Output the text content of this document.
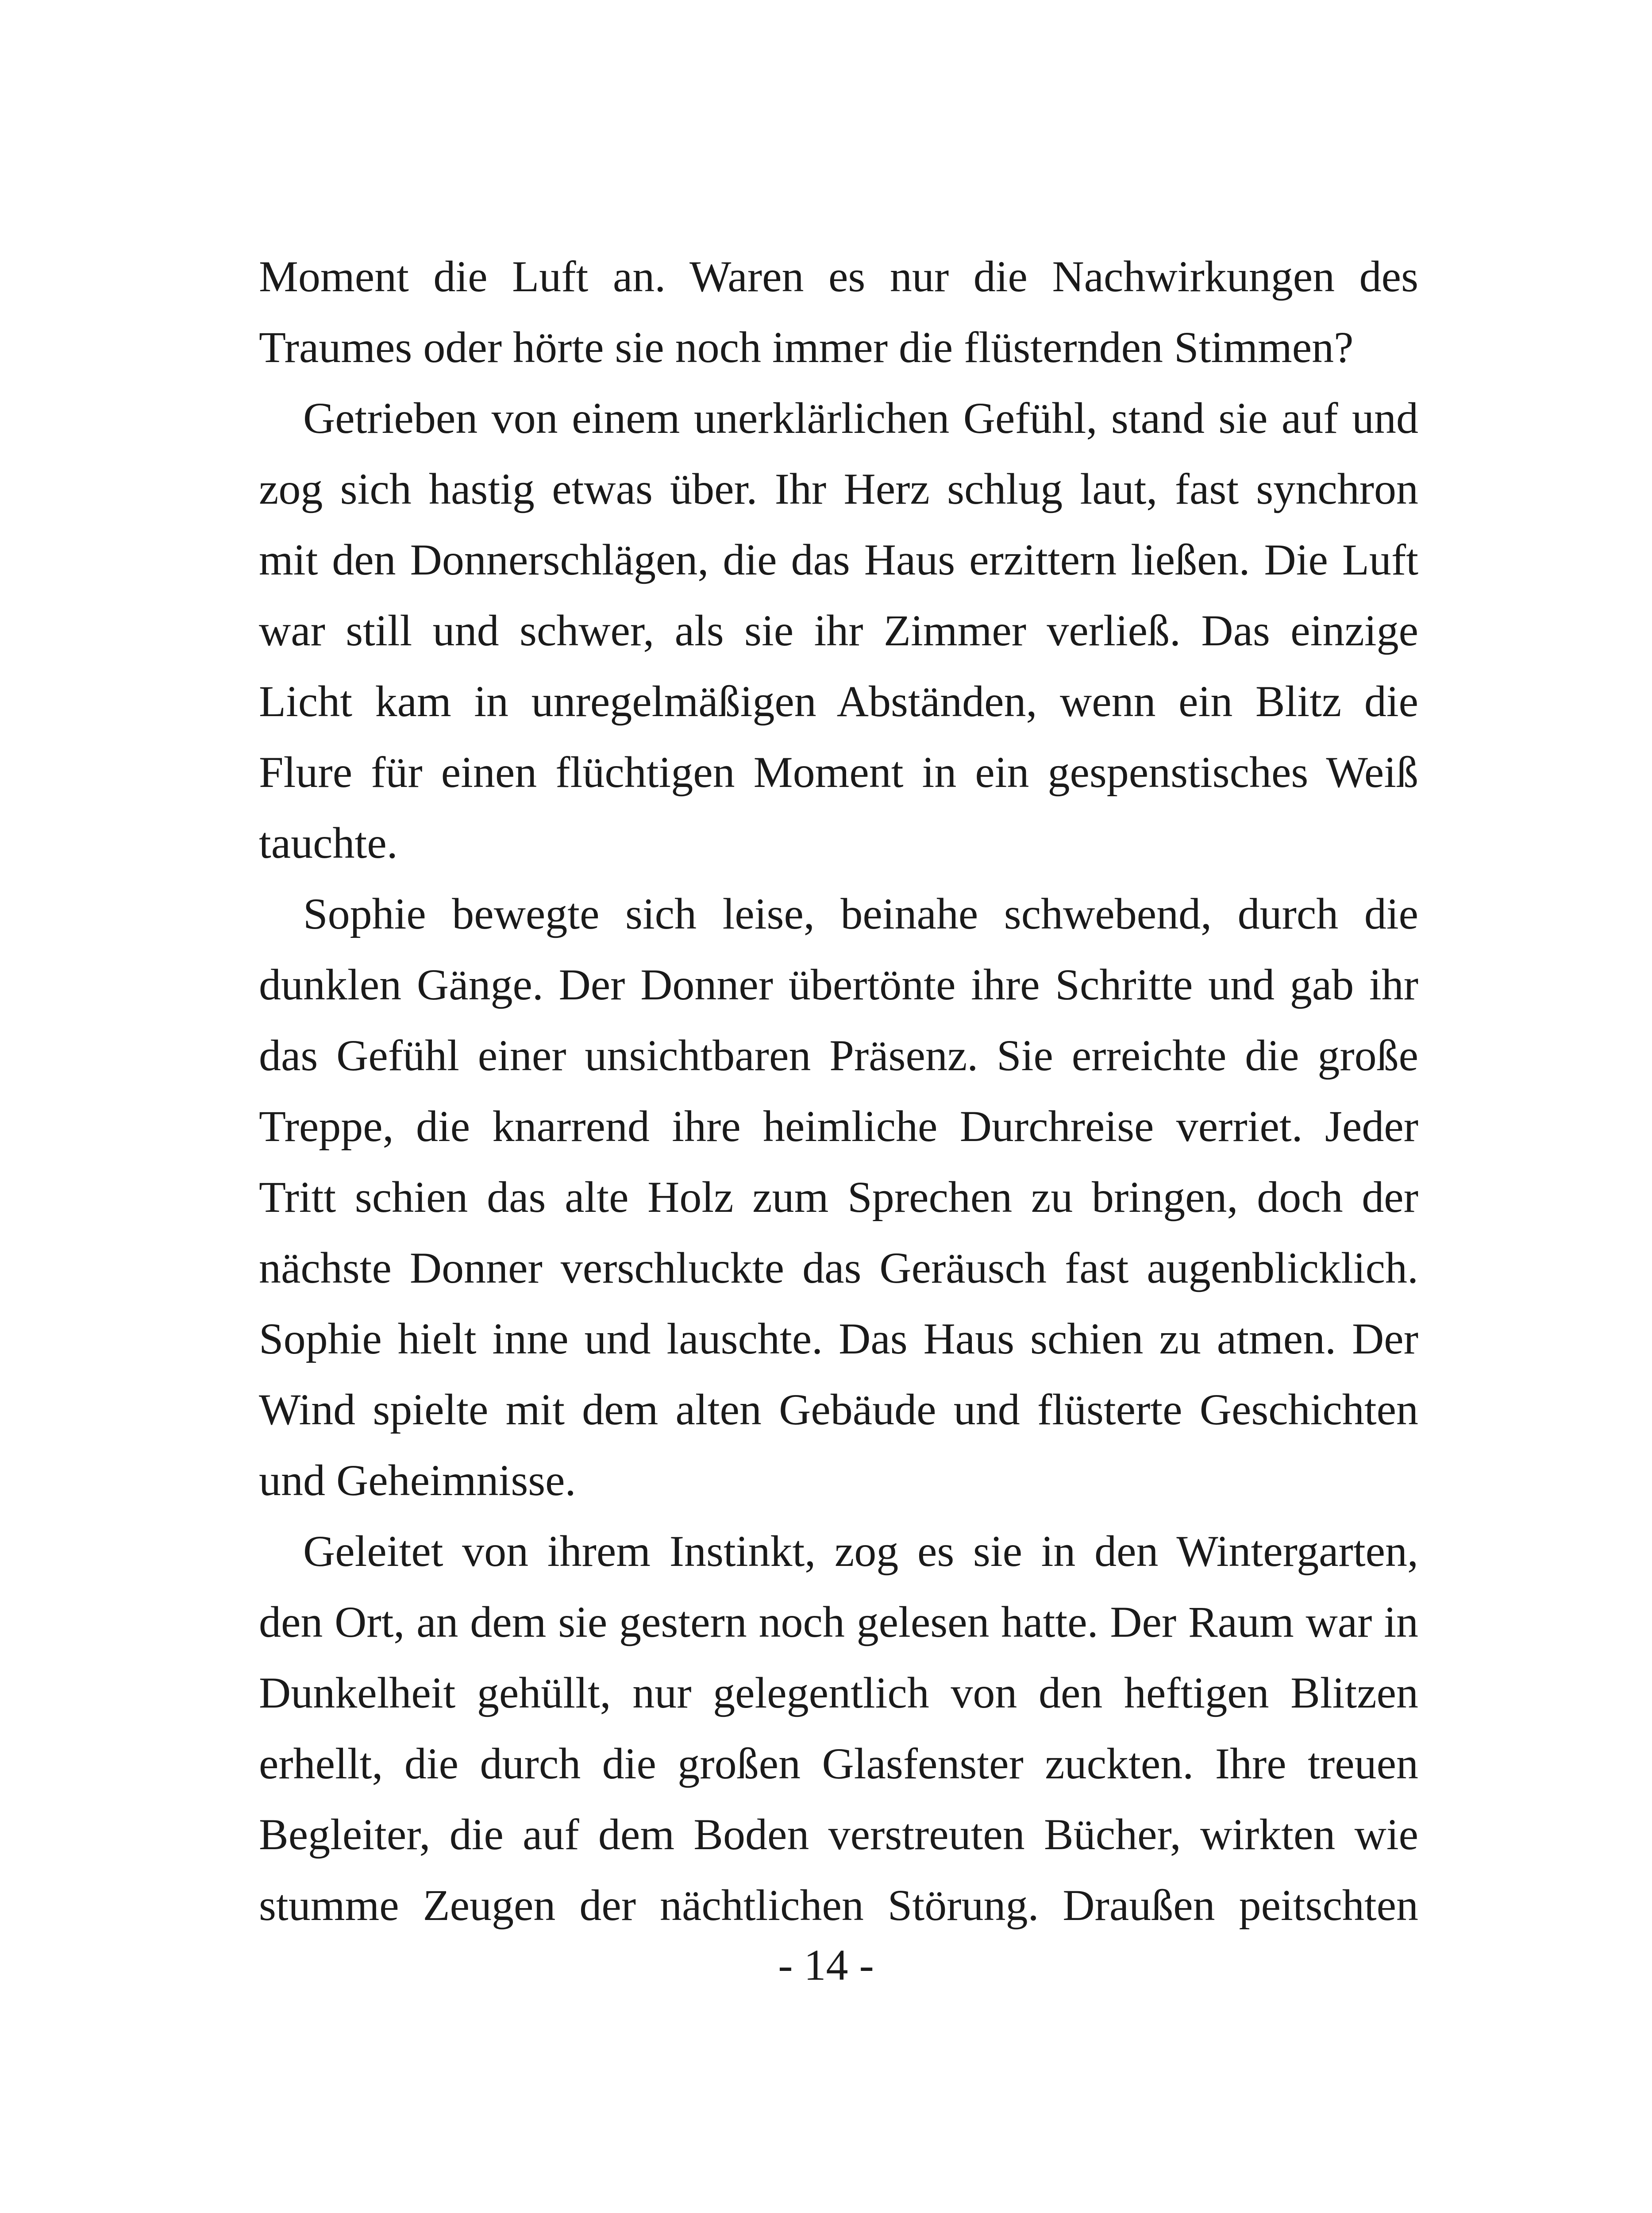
Moment die Luft an. Waren es nur die Nachwirkungen des Traumes oder hörte sie noch immer die flüsternden Stimmen?

Getrieben von einem unerklärlichen Gefühl, stand sie auf und zog sich hastig etwas über. Ihr Herz schlug laut, fast synchron mit den Donnerschlägen, die das Haus erzittern ließen. Die Luft war still und schwer, als sie ihr Zimmer verließ. Das einzige Licht kam in unregelmäßigen Abständen, wenn ein Blitz die Flure für einen flüchtigen Moment in ein gespenstisches Weiß tauchte.

Sophie bewegte sich leise, beinahe schwebend, durch die dunklen Gänge. Der Donner übertönte ihre Schritte und gab ihr das Gefühl einer unsichtbaren Präsenz. Sie erreichte die große Treppe, die knarrend ihre heimliche Durchreise verriet. Jeder Tritt schien das alte Holz zum Sprechen zu bringen, doch der nächste Donner verschluckte das Geräusch fast augenblicklich. Sophie hielt inne und lauschte. Das Haus schien zu atmen. Der Wind spielte mit dem alten Gebäude und flüsterte Geschichten und Geheimnisse.

Geleitet von ihrem Instinkt, zog es sie in den Wintergarten, den Ort, an dem sie gestern noch gelesen hatte. Der Raum war in Dunkelheit gehüllt, nur gelegentlich von den heftigen Blitzen erhellt, die durch die großen Glasfenster zuckten. Ihre treuen Begleiter, die auf dem Boden verstreuten Bücher, wirkten wie stumme Zeugen der nächtlichen Störung. Draußen peitschten

- 14 -
